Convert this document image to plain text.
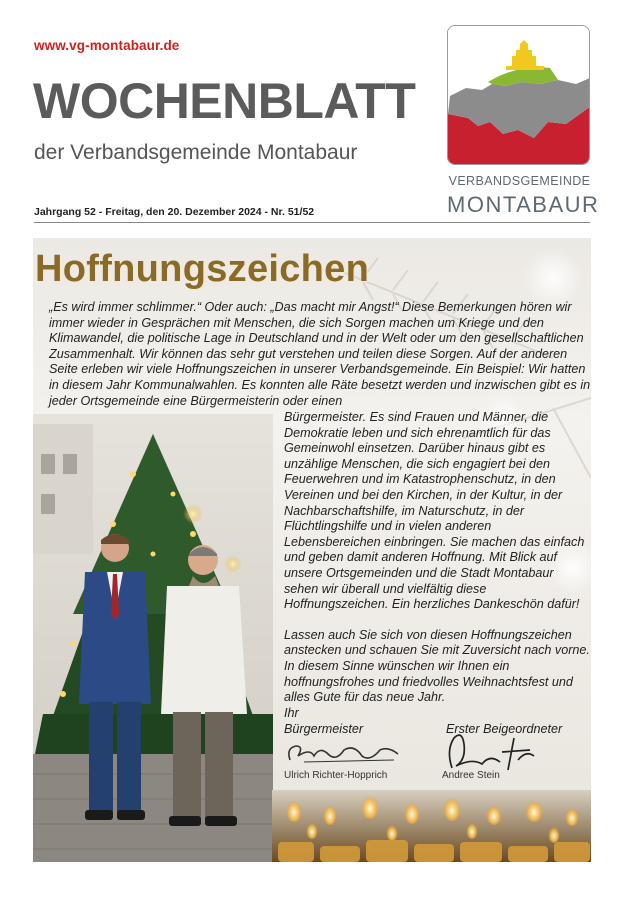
www.vg-montabaur.de
WOCHENBLATT
der Verbandsgemeinde Montabaur
Jahrgang 52 - Freitag, den 20. Dezember 2024 - Nr. 51/52
VERBANDSGEMEINDE
MONTABAUR
Hoffnungszeichen

„Es wird immer schlimmer.“ Oder auch: „Das macht mir Angst!“ Diese Bemerkungen hören wir immer wieder in Gesprächen mit Menschen, die sich Sorgen machen um Kriege und den Klimawandel, die politische Lage in Deutschland und in der Welt oder um den gesellschaftlichen Zusammenhalt. Wir können das sehr gut verstehen und teilen diese Sorgen. Auf der anderen Seite erleben wir viele Hoffnungszeichen in unserer Verbandsgemeinde. Ein Beispiel: Wir hatten in diesem Jahr Kommunalwahlen. Es konnten alle Räte besetzt werden und inzwischen gibt es in jeder Ortsgemeinde eine Bürgermeisterin oder einen

Bürgermeister. Es sind Frauen und Männer, die Demokratie leben und sich ehrenamtlich für das Gemeinwohl einsetzen. Darüber hinaus gibt es unzählige Menschen, die sich engagiert bei den Feuerwehren und im Katastrophenschutz, in den Vereinen und bei den Kirchen, in der Kultur, in der Nachbarschaftshilfe, im Naturschutz, in der Flüchtlingshilfe und in vielen anderen Lebensbereichen einbringen. Sie machen das einfach und geben damit anderen Hoffnung. Mit Blick auf unsere Ortsgemeinden und die Stadt Montabaur sehen wir überall und vielfältig diese Hoffnungszeichen. Ein herzliches Dankeschön dafür!

Lassen auch Sie sich von diesen Hoffnungszeichen anstecken und schauen Sie mit Zuversicht nach vorne. In diesem Sinne wünschen wir Ihnen ein hoffnungsfrohes und friedvolles Weihnachtsfest und alles Gute für das neue Jahr.

Ihr
Bürgermeister	Erster Beigeordneter
Ulrich Richter-Hopprich	Andree Stein
